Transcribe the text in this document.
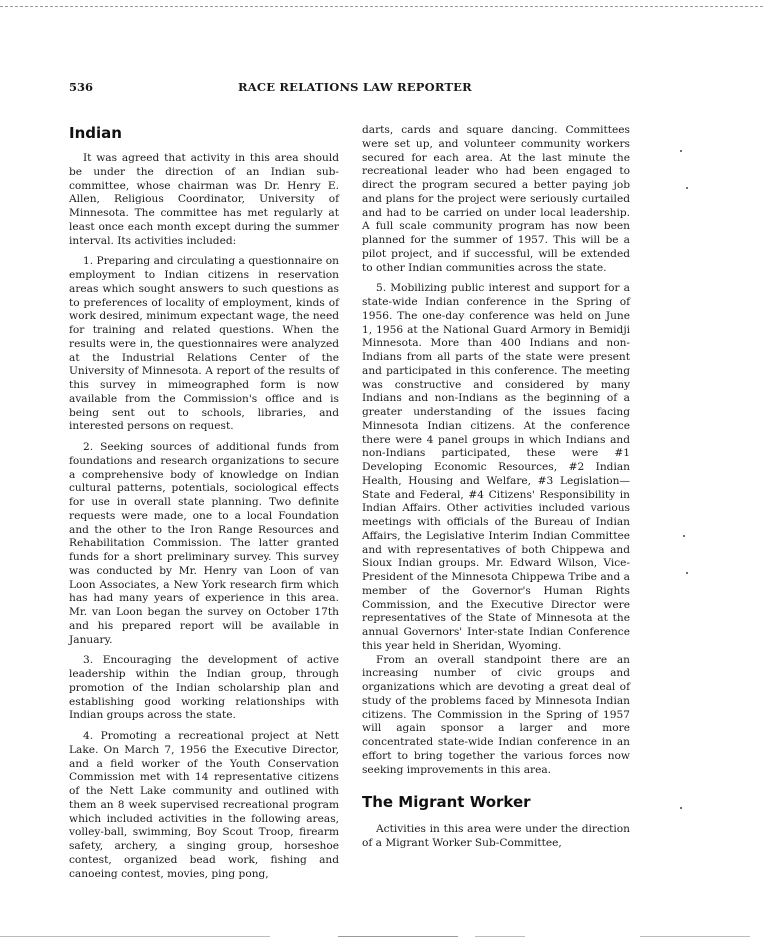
536	RACE RELATIONS LAW REPORTER
Indian

It was agreed that activity in this area should be under the direction of an Indian sub-committee, whose chairman was Dr. Henry E. Allen, Religious Coordinator, University of Minnesota. The committee has met regularly at least once each month except during the summer interval. Its activities included:

1. Preparing and circulating a questionnaire on employment to Indian citizens in reservation areas which sought answers to such questions as to preferences of locality of employment, kinds of work desired, minimum expectant wage, the need for training and related questions. When the results were in, the questionnaires were analyzed at the Industrial Relations Center of the University of Minnesota. A report of the results of this survey in mimeographed form is now available from the Commission's office and is being sent out to schools, libraries, and interested persons on request.

2. Seeking sources of additional funds from foundations and research organizations to secure a comprehensive body of knowledge on Indian cultural patterns, potentials, sociological effects for use in overall state planning. Two definite requests were made, one to a local Foundation and the other to the Iron Range Resources and Rehabilitation Commission. The latter granted funds for a short preliminary survey. This survey was conducted by Mr. Henry van Loon of van Loon Associates, a New York research firm which has had many years of experience in this area. Mr. van Loon began the survey on October 17th and his prepared report will be available in January.

3. Encouraging the development of active leadership within the Indian group, through promotion of the Indian scholarship plan and establishing good working relationships with Indian groups across the state.

4. Promoting a recreational project at Nett Lake. On March 7, 1956 the Executive Director, and a field worker of the Youth Conservation Commission met with 14 representative citizens of the Nett Lake community and outlined with them an 8 week supervised recreational program which included activities in the following areas, volley-ball, swimming, Boy Scout Troop, firearm safety, archery, a singing group, horseshoe contest, organized bead work, fishing and canoeing contest, movies, ping pong,

darts, cards and square dancing. Committees were set up, and volunteer community workers secured for each area. At the last minute the recreational leader who had been engaged to direct the program secured a better paying job and plans for the project were seriously curtailed and had to be carried on under local leadership. A full scale community program has now been planned for the summer of 1957. This will be a pilot project, and if successful, will be extended to other Indian communities across the state.

5. Mobilizing public interest and support for a state-wide Indian conference in the Spring of 1956. The one-day conference was held on June 1, 1956 at the National Guard Armory in Bemidji Minnesota. More than 400 Indians and non-Indians from all parts of the state were present and participated in this conference. The meeting was constructive and considered by many Indians and non-Indians as the beginning of a greater understanding of the issues facing Minnesota Indian citizens. At the conference there were 4 panel groups in which Indians and non-Indians participated, these were #1 Developing Economic Resources, #2 Indian Health, Housing and Welfare, #3 Legislation—State and Federal, #4 Citizens' Responsibility in Indian Affairs. Other activities included various meetings with officials of the Bureau of Indian Affairs, the Legislative Interim Indian Committee and with representatives of both Chippewa and Sioux Indian groups. Mr. Edward Wilson, Vice-President of the Minnesota Chippewa Tribe and a member of the Governor's Human Rights Commission, and the Executive Director were representatives of the State of Minnesota at the annual Governors' Inter-state Indian Conference this year held in Sheridan, Wyoming.

From an overall standpoint there are an increasing number of civic groups and organizations which are devoting a great deal of study of the problems faced by Minnesota Indian citizens. The Commission in the Spring of 1957 will again sponsor a larger and more concentrated state-wide Indian conference in an effort to bring together the various forces now seeking improvements in this area.

The Migrant Worker

Activities in this area were under the direction of a Migrant Worker Sub-Committee,
